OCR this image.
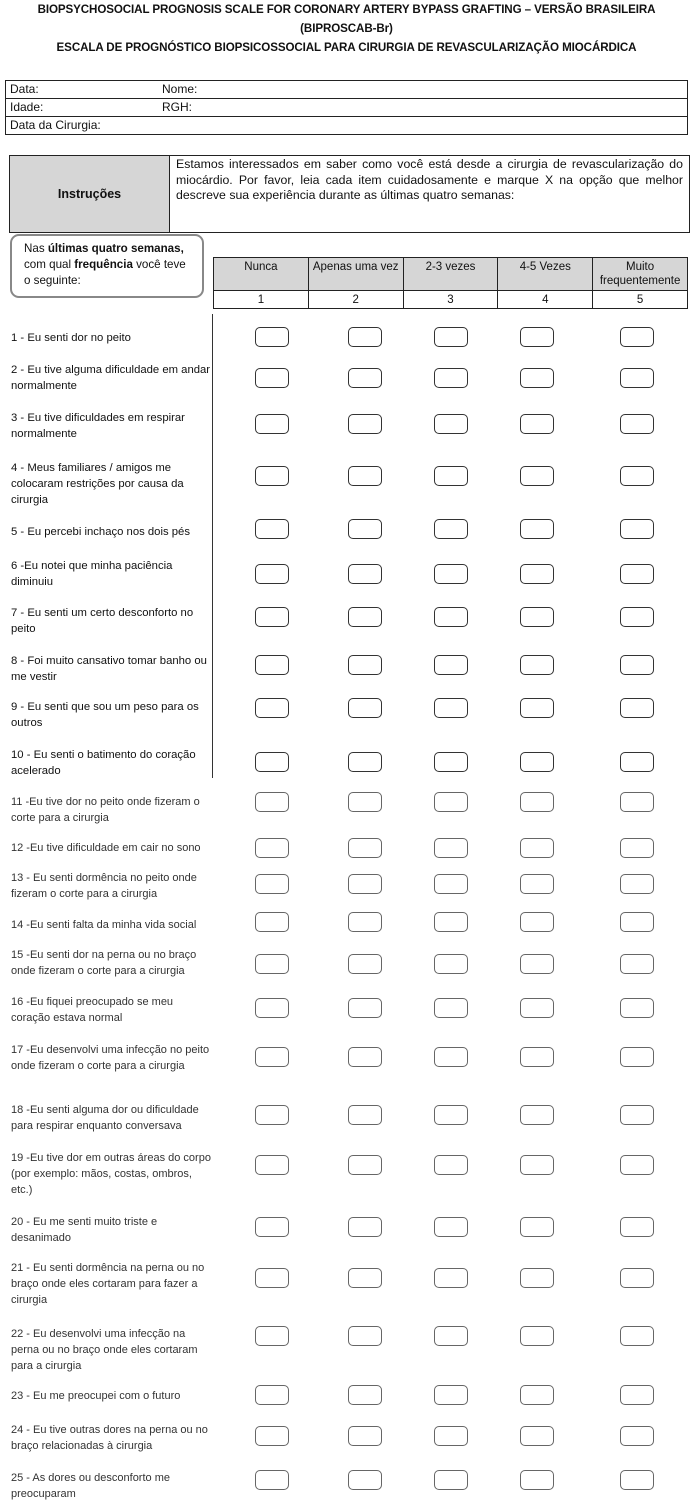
BIOPSYCHOSOCIAL PROGNOSIS SCALE FOR CORONARY ARTERY BYPASS GRAFTING – VERSÃO BRASILEIRA
(BIPROSCAB-Br)
ESCALA DE PROGNÓSTICO BIOPSICOSSOCIAL PARA CIRURGIA DE REVASCULARIZAÇÃO MIOCÁRDICA
Data:	Nome:
Idade:	RGH:
Data da Cirurgia:
Instruções
Estamos interessados em saber como você está desde a cirurgia de revascularização do miocárdio. Por favor, leia cada item cuidadosamente e marque X na opção que melhor descreve sua experiência durante as últimas quatro semanas:
Nas últimas quatro semanas, com qual frequência você teve o seguinte:
Nunca	Apenas uma vez	2-3 vezes	4-5 Vezes	Muito frequentemente
1	2	3	4	5
1 - Eu senti dor no peito
2 - Eu tive alguma dificuldade em andar normalmente
3 - Eu tive dificuldades em respirar normalmente
4 - Meus familiares / amigos me colocaram restrições por causa da cirurgia
5 - Eu percebi inchaço nos dois pés
6 -Eu notei que minha paciência diminuiu
7 - Eu senti um certo desconforto no peito
8 - Foi muito cansativo tomar banho ou me vestir
9 - Eu senti que sou um peso para os outros
10 - Eu senti o batimento do coração acelerado
11 -Eu tive dor no peito onde fizeram o corte para a cirurgia
12 -Eu tive dificuldade em cair no sono
13 - Eu senti dormência no peito onde fizeram o corte para a cirurgia
14 -Eu senti falta da minha vida social
15 -Eu senti dor na perna ou no braço onde fizeram o corte para a cirurgia
16 -Eu fiquei preocupado se meu coração estava normal
17 -Eu desenvolvi uma infecção no peito onde fizeram o corte para a cirurgia
18 -Eu senti alguma dor ou dificuldade para respirar enquanto conversava
19 -Eu tive dor em outras áreas do corpo (por exemplo: mãos, costas, ombros, etc.)
20 - Eu me senti muito triste e desanimado
21 - Eu senti dormência na perna ou no braço onde eles cortaram para fazer a cirurgia
22 - Eu desenvolvi uma infecção na perna ou no braço onde eles cortaram para a cirurgia
23 - Eu me preocupei com o futuro
24 - Eu tive outras dores na perna ou no braço relacionadas à cirurgia
25 - As dores ou desconforto me preocuparam
